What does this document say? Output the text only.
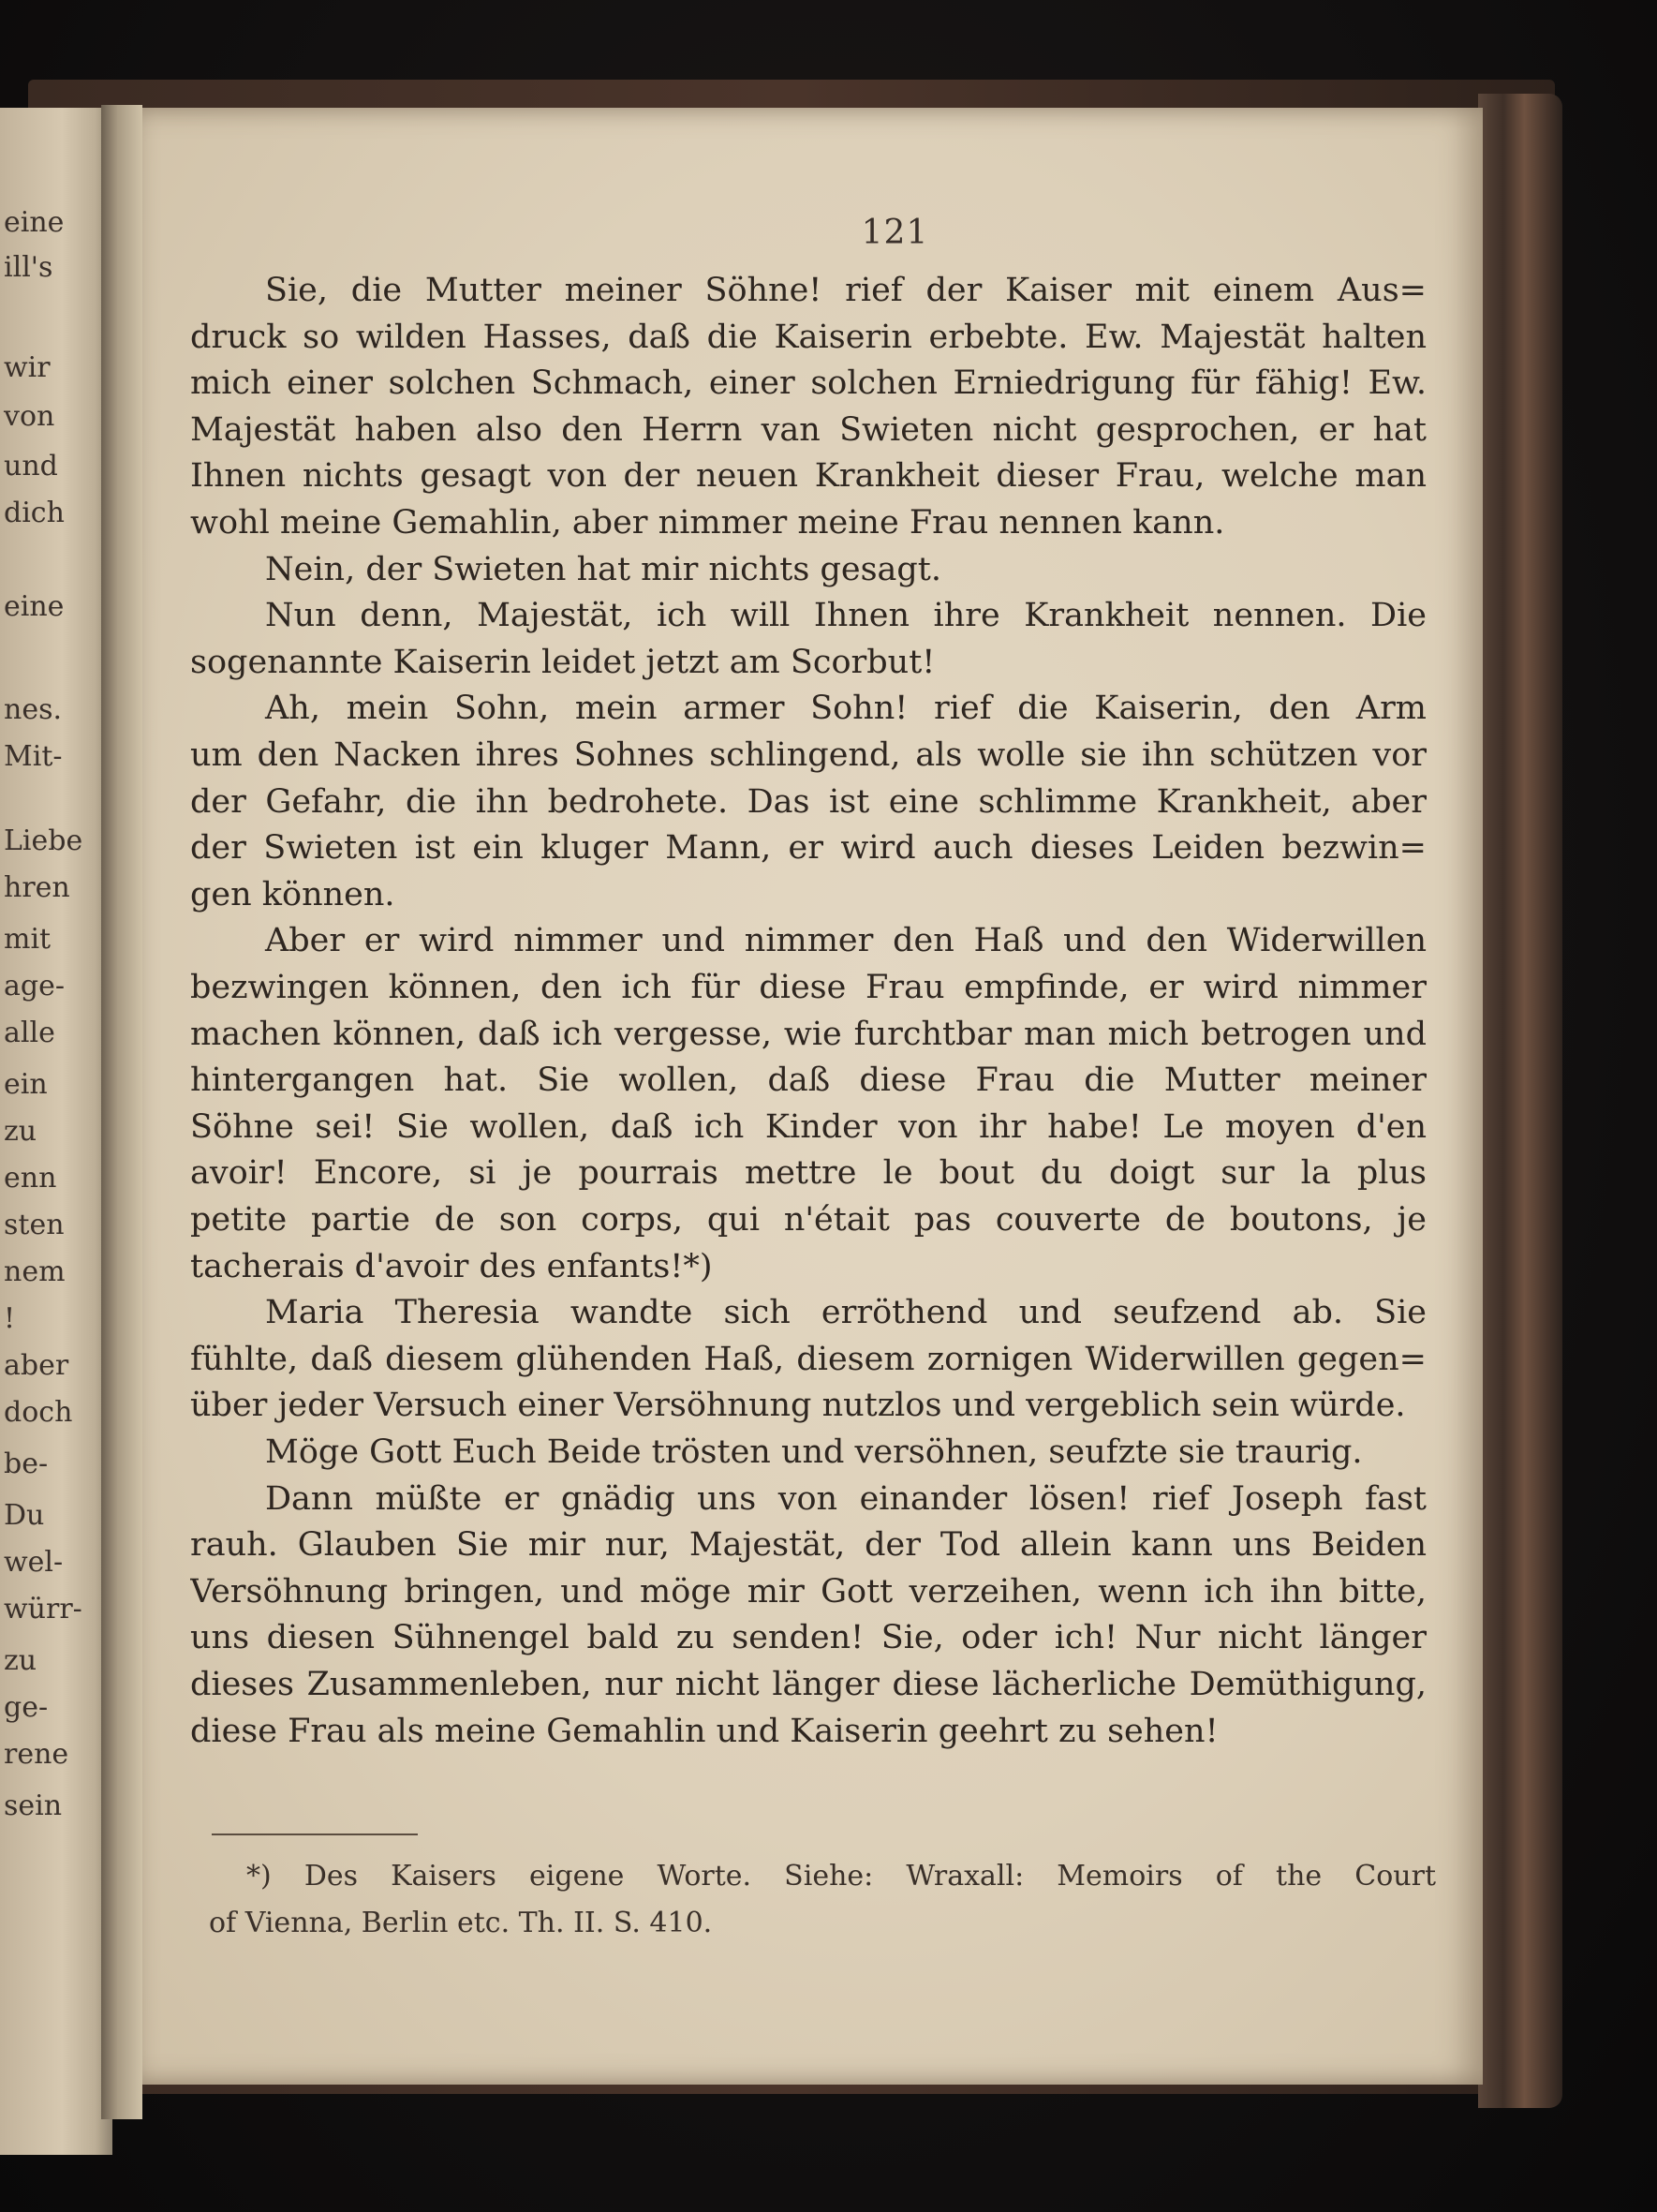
eine
ill's
wir
von
und
dich
eine
nes.
Mit-
Liebe
hren
mit
age-
alle
ein
zu
enn
sten
nem
!
aber
doch
be-
Du
wel-
würr-
zu
ge-
rene
sein
121
Sie, die Mutter meiner Söhne! rief der Kaiser mit einem Aus=
druck so wilden Hasses, daß die Kaiserin erbebte. Ew. Majestät halten
mich einer solchen Schmach, einer solchen Erniedrigung für fähig! Ew.
Majestät haben also den Herrn van Swieten nicht gesprochen, er hat
Ihnen nichts gesagt von der neuen Krankheit dieser Frau, welche man
wohl meine Gemahlin, aber nimmer meine Frau nennen kann.
Nein, der Swieten hat mir nichts gesagt.
Nun denn, Majestät, ich will Ihnen ihre Krankheit nennen. Die
sogenannte Kaiserin leidet jetzt am Scorbut!
Ah, mein Sohn, mein armer Sohn! rief die Kaiserin, den Arm
um den Nacken ihres Sohnes schlingend, als wolle sie ihn schützen vor
der Gefahr, die ihn bedrohete. Das ist eine schlimme Krankheit, aber
der Swieten ist ein kluger Mann, er wird auch dieses Leiden bezwin=
gen können.
Aber er wird nimmer und nimmer den Haß und den Widerwillen
bezwingen können, den ich für diese Frau empfinde, er wird nimmer
machen können, daß ich vergesse, wie furchtbar man mich betrogen und
hintergangen hat. Sie wollen, daß diese Frau die Mutter meiner
Söhne sei! Sie wollen, daß ich Kinder von ihr habe! Le moyen d'en
avoir! Encore, si je pourrais mettre le bout du doigt sur la plus
petite partie de son corps, qui n'était pas couverte de boutons, je
tacherais d'avoir des enfants!*)
Maria Theresia wandte sich erröthend und seufzend ab. Sie
fühlte, daß diesem glühenden Haß, diesem zornigen Widerwillen gegen=
über jeder Versuch einer Versöhnung nutzlos und vergeblich sein würde.
Möge Gott Euch Beide trösten und versöhnen, seufzte sie traurig.
Dann müßte er gnädig uns von einander lösen! rief Joseph fast
rauh. Glauben Sie mir nur, Majestät, der Tod allein kann uns Beiden
Versöhnung bringen, und möge mir Gott verzeihen, wenn ich ihn bitte,
uns diesen Sühnengel bald zu senden! Sie, oder ich! Nur nicht länger
dieses Zusammenleben, nur nicht länger diese lächerliche Demüthigung,
diese Frau als meine Gemahlin und Kaiserin geehrt zu sehen!
*) Des Kaisers eigene Worte. Siehe: Wraxall: Memoirs of the Court
of Vienna, Berlin etc. Th. II. S. 410.
